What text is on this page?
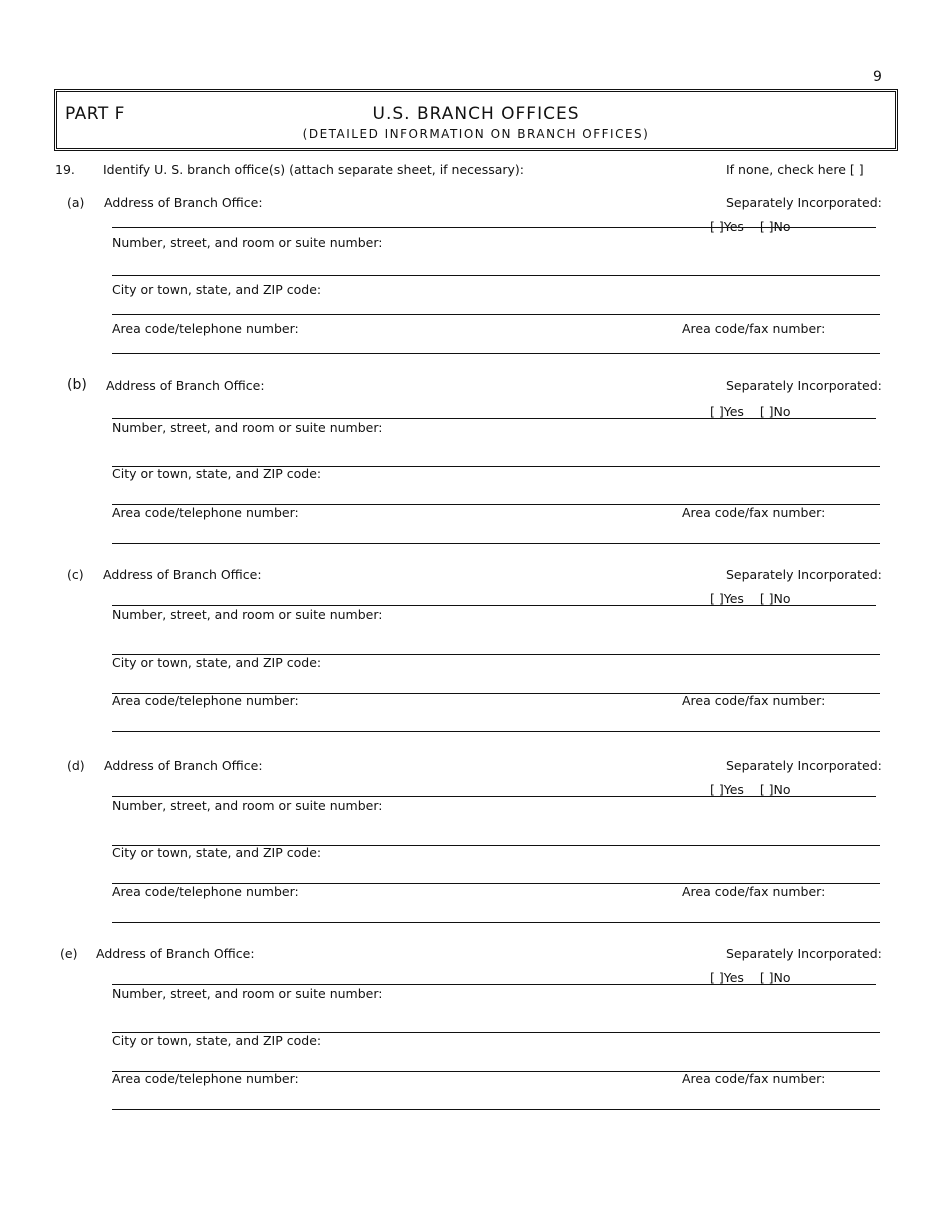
9
PART F	U.S. BRANCH OFFICES
(DETAILED INFORMATION ON BRANCH OFFICES)
19. Identify U. S. branch office(s) (attach separate sheet, if necessary):	If none, check here [ ]
(a) Address of Branch Office:	Separately Incorporated:
[ ]Yes [ ]No
Number, street, and room or suite number:
City or town, state, and ZIP code:
Area code/telephone number:	Area code/fax number:
(b) Address of Branch Office:	Separately Incorporated:
[ ]Yes [ ]No
Number, street, and room or suite number:
City or town, state, and ZIP code:
Area code/telephone number:	Area code/fax number:
(c) Address of Branch Office:	Separately Incorporated:
[ ]Yes [ ]No
Number, street, and room or suite number:
City or town, state, and ZIP code:
Area code/telephone number:	Area code/fax number:
(d) Address of Branch Office:	Separately Incorporated:
[ ]Yes [ ]No
Number, street, and room or suite number:
City or town, state, and ZIP code:
Area code/telephone number:	Area code/fax number:
(e) Address of Branch Office:	Separately Incorporated:
[ ]Yes [ ]No
Number, street, and room or suite number:
City or town, state, and ZIP code:
Area code/telephone number:	Area code/fax number:
